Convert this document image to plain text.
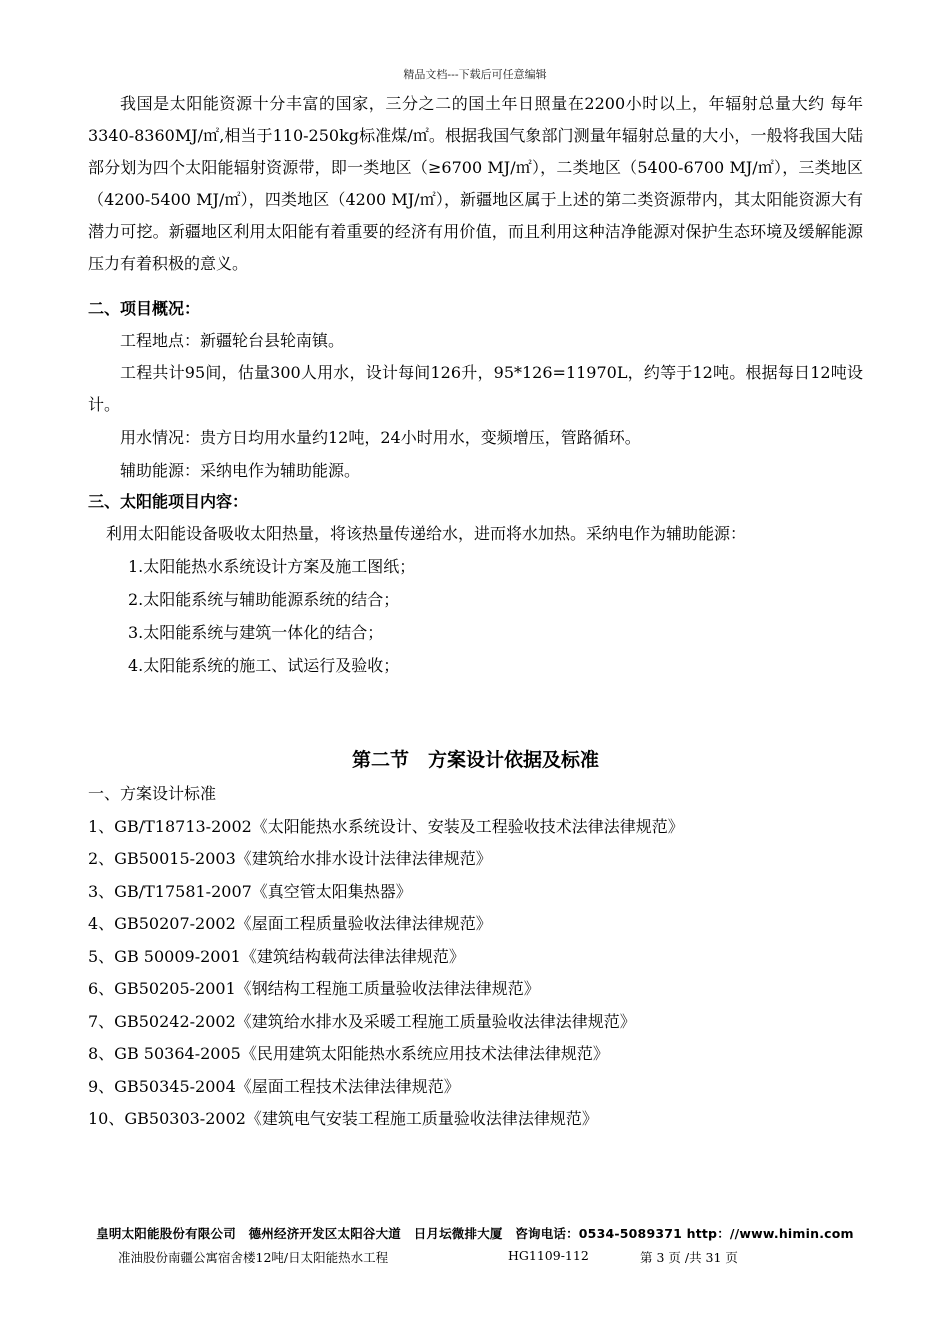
精品文档---下载后可任意编辑

我国是太阳能资源十分丰富的国家，三分之二的国土年日照量在2200小时以上，年辐射总量大约 每年3340-8360MJ/㎡,相当于110-250kg标准煤/㎡。根据我国气象部门测量年辐射总量的大小，一般将我国大陆部分划为四个太阳能辐射资源带，即一类地区（≥6700 MJ/㎡），二类地区（5400-6700 MJ/㎡），三类地区（4200-5400 MJ/㎡），四类地区（4200 MJ/㎡），新疆地区属于上述的第二类资源带内，其太阳能资源大有潜力可挖。新疆地区利用太阳能有着重要的经济有用价值，而且利用这种洁净能源对保护生态环境及缓解能源压力有着积极的意义。

二、项目概况：

工程地点：新疆轮台县轮南镇。

工程共计95间，估量300人用水，设计每间126升，95*126=11970L，约等于12吨。根据每日12吨设计。

用水情况：贵方日均用水量约12吨，24小时用水，变频增压，管路循环。

辅助能源：采纳电作为辅助能源。

三、太阳能项目内容：

利用太阳能设备吸收太阳热量，将该热量传递给水，进而将水加热。采纳电作为辅助能源：

1.太阳能热水系统设计方案及施工图纸；

2.太阳能系统与辅助能源系统的结合；

3.太阳能系统与建筑一体化的结合；

4.太阳能系统的施工、试运行及验收；

第二节　方案设计依据及标准

一、方案设计标准

1、GB/T18713-2002《太阳能热水系统设计、安装及工程验收技术法律法律规范》

2、GB50015-2003《建筑给水排水设计法律法律规范》

3、GB/T17581-2007《真空管太阳集热器》

4、GB50207-2002《屋面工程质量验收法律法律规范》

5、GB 50009-2001《建筑结构载荷法律法律规范》

6、GB50205-2001《钢结构工程施工质量验收法律法律规范》

7、GB50242-2002《建筑给水排水及采暖工程施工质量验收法律法律规范》

8、GB 50364-2005《民用建筑太阳能热水系统应用技术法律法律规范》

9、GB50345-2004《屋面工程技术法律法律规范》

10、GB50303-2002《建筑电气安装工程施工质量验收法律法律规范》

皇明太阳能股份有限公司　德州经济开发区太阳谷大道　日月坛微排大厦　咨询电话：0534-5089371 http：//www.himin.com

准油股份南疆公寓宿舍楼12吨/日太阳能热水工程	HG1109-112	第 3 页 /共 31 页
